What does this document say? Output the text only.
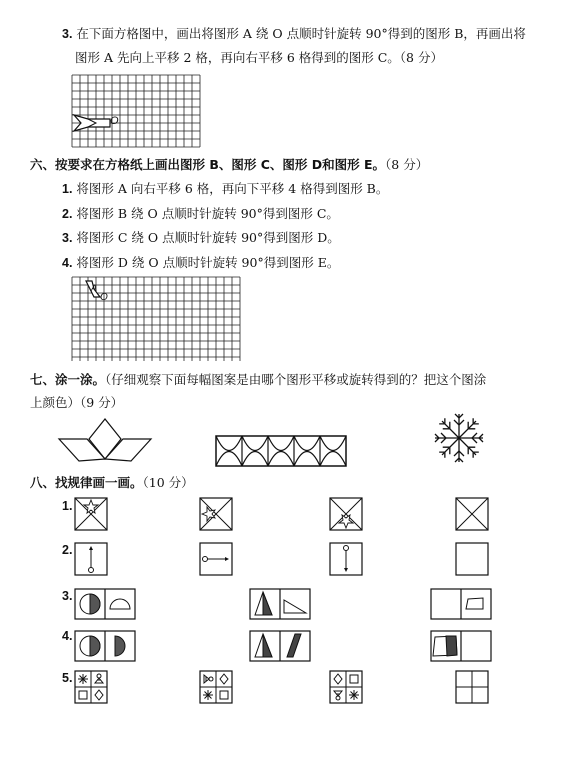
3. 在下面方格图中，画出将图形 A 绕 O 点顺时针旋转 90°得到的图形 B，再画出将
图形 A 先向上平移 2 格，再向右平移 6 格得到的图形 C。（8 分）
O
六、按要求在方格纸上画出图形 B、图形 C、图形 D和图形 E。（8 分）
1. 将图形 A 向右平移 6 格，再向下平移 4 格得到图形 B。
2. 将图形 B 绕 O 点顺时针旋转 90°得到图形 C。
3. 将图形 C 绕 O 点顺时针旋转 90°得到图形 D。
4. 将图形 D 绕 O 点顺时针旋转 90°得到图形 E。
A
O
七、涂一涂。（仔细观察下面每幅图案是由哪个图形平移或旋转得到的？把这个图涂
上颜色）（9 分）
八、找规律画一画。（10 分）
1.
2.
3.
4.
5.
